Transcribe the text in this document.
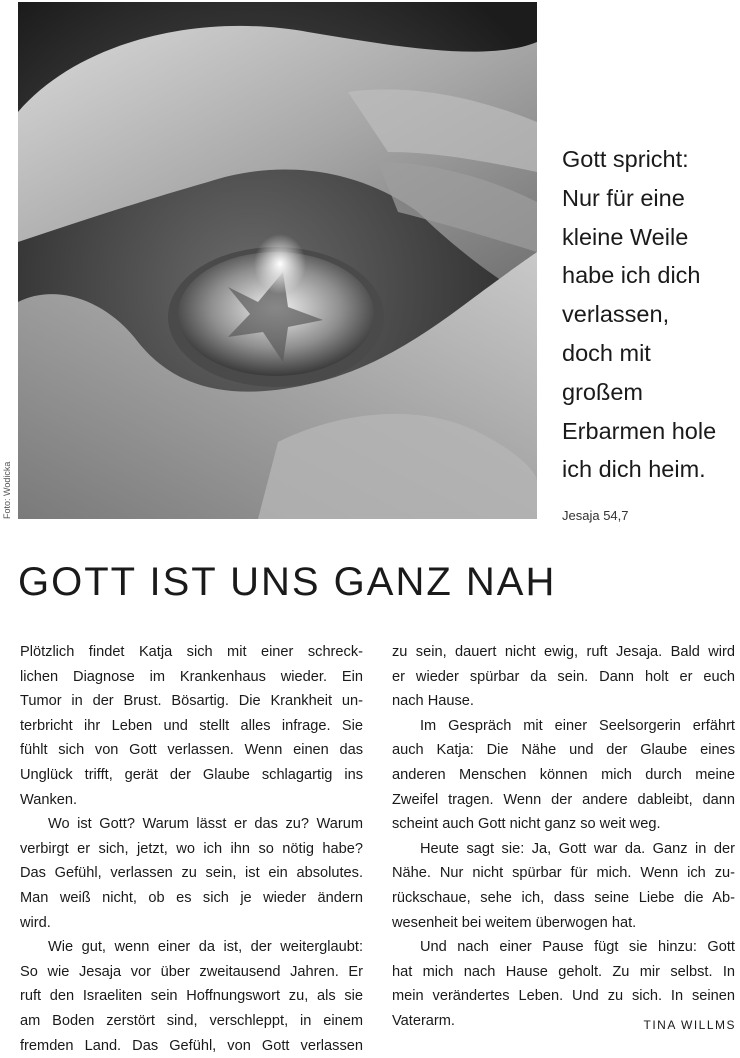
Foto: Wodicka
Gott spricht:
Nur für eine
kleine Weile
habe ich dich
verlassen,
doch mit
großem
Erbarmen hole
ich dich heim.
Jesaja 54,7
GOTT IST UNS GANZ NAH

Plötzlich findet Katja sich mit einer schreck-
lichen Diagnose im Krankenhaus wieder. Ein
Tumor in der Brust. Bösartig. Die Krankheit un-
terbricht ihr Leben und stellt alles infrage. Sie
fühlt sich von Gott verlassen. Wenn einen das
Unglück trifft, gerät der Glaube schlagartig ins
Wanken.

Wo ist Gott? Warum lässt er das zu? Warum
verbirgt er sich, jetzt, wo ich ihn so nötig habe?
Das Gefühl, verlassen zu sein, ist ein absolutes.
Man weiß nicht, ob es sich je wieder ändern
wird.

Wie gut, wenn einer da ist, der weiterglaubt:
So wie Jesaja vor über zweitausend Jahren. Er
ruft den Israeliten sein Hoffnungswort zu, als sie
am Boden zerstört sind, verschleppt, in einem
fremden Land. Das Gefühl, von Gott verlassen

zu sein, dauert nicht ewig, ruft Jesaja. Bald wird
er wieder spürbar da sein. Dann holt er euch
nach Hause.

Im Gespräch mit einer Seelsorgerin erfährt
auch Katja: Die Nähe und der Glaube eines
anderen Menschen können mich durch meine
Zweifel tragen. Wenn der andere dableibt, dann
scheint auch Gott nicht ganz so weit weg.

Heute sagt sie: Ja, Gott war da. Ganz in der
Nähe. Nur nicht spürbar für mich. Wenn ich zu-
rückschaue, sehe ich, dass seine Liebe die Ab-
wesenheit bei weitem überwogen hat.

Und nach einer Pause fügt sie hinzu: Gott
hat mich nach Hause geholt. Zu mir selbst. In
mein verändertes Leben. Und zu sich. In seinen
Vaterarm.	TINA WILLMS
